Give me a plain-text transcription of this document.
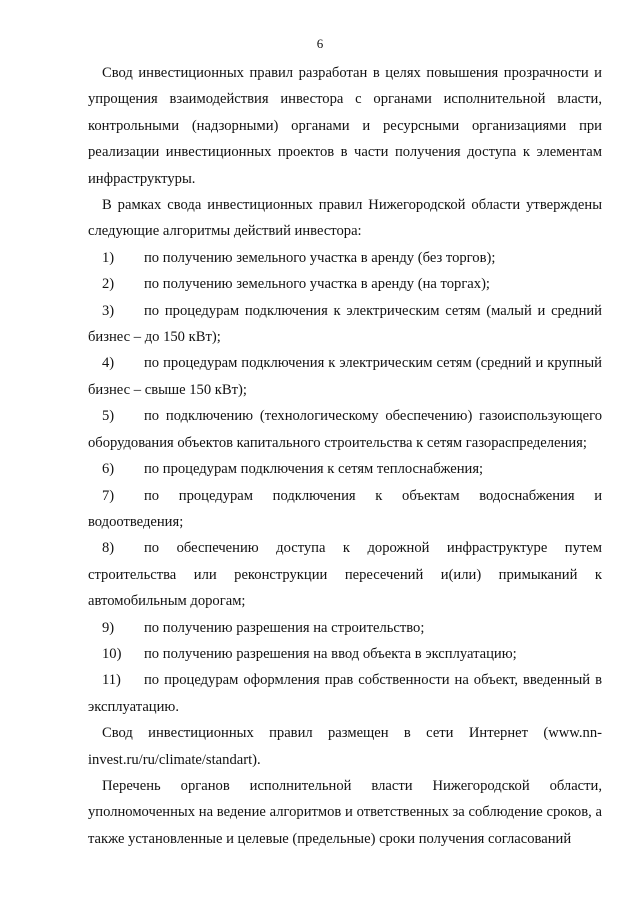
6

Свод инвестиционных правил разработан в целях повышения прозрачности и упрощения взаимодействия инвестора с органами исполнительной власти, контрольными (надзорными) органами и ресурсными организациями при реализации инвестиционных проектов в части получения доступа к элементам инфраструктуры.

В рамках свода инвестиционных правил Нижегородской области утверждены следующие алгоритмы действий инвестора:

1) по получению земельного участка в аренду (без торгов);

2) по получению земельного участка в аренду (на торгах);

3) по процедурам подключения к электрическим сетям (малый и средний бизнес – до 150 кВт);

4) по процедурам подключения к электрическим сетям (средний и крупный бизнес – свыше 150 кВт);

5) по подключению (технологическому обеспечению) газоиспользующего оборудования объектов капитального строительства к сетям газораспределения;

6) по процедурам подключения к сетям теплоснабжения;

7) по процедурам подключения к объектам водоснабжения и водоотведения;

8) по обеспечению доступа к дорожной инфраструктуре путем строительства или реконструкции пересечений и(или) примыканий к автомобильным дорогам;

9) по получению разрешения на строительство;

10) по получению разрешения на ввод объекта в эксплуатацию;

11) по процедурам оформления прав собственности на объект, введенный в эксплуатацию.

Свод инвестиционных правил размещен в сети Интернет (www.nn-invest.ru/ru/climate/standart).

Перечень органов исполнительной власти Нижегородской области, уполномоченных на ведение алгоритмов и ответственных за соблюдение сроков, а также установленные и целевые (предельные) сроки получения согласований
